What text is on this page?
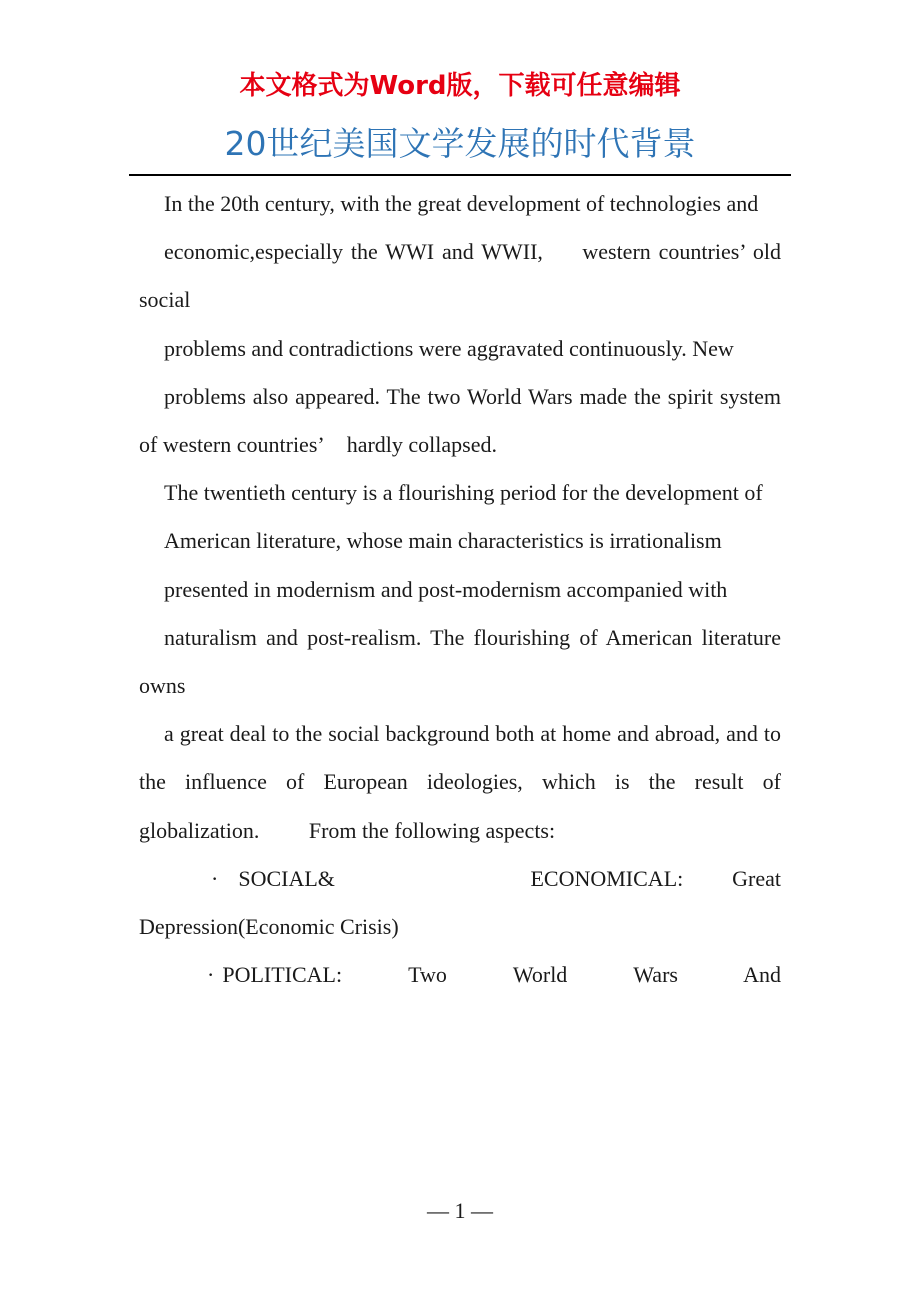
本文格式为Word版，下载可任意编辑
20世纪美国文学发展的时代背景

In the 20th century, with the great development of technologies and

economic,especially the WWI and WWII,     western countries’ old social

problems and contradictions were aggravated continuously. New

problems also appeared. The two World Wars made the spirit system of western countries’    hardly collapsed.

The twentieth century is a flourishing period for the development of

American literature, whose main characteristics is irrationalism

presented in modernism and post-modernism accompanied with

naturalism and post-realism. The flourishing of American literature owns

a great deal to the social background both at home and abroad, and to the influence of European ideologies, which is the result of globalization.         From the following aspects:

· SOCIAL&	ECONOMICAL: Great

Depression(Economic Crisis)

· POLITICAL:	Two World Wars And

— 1 —
